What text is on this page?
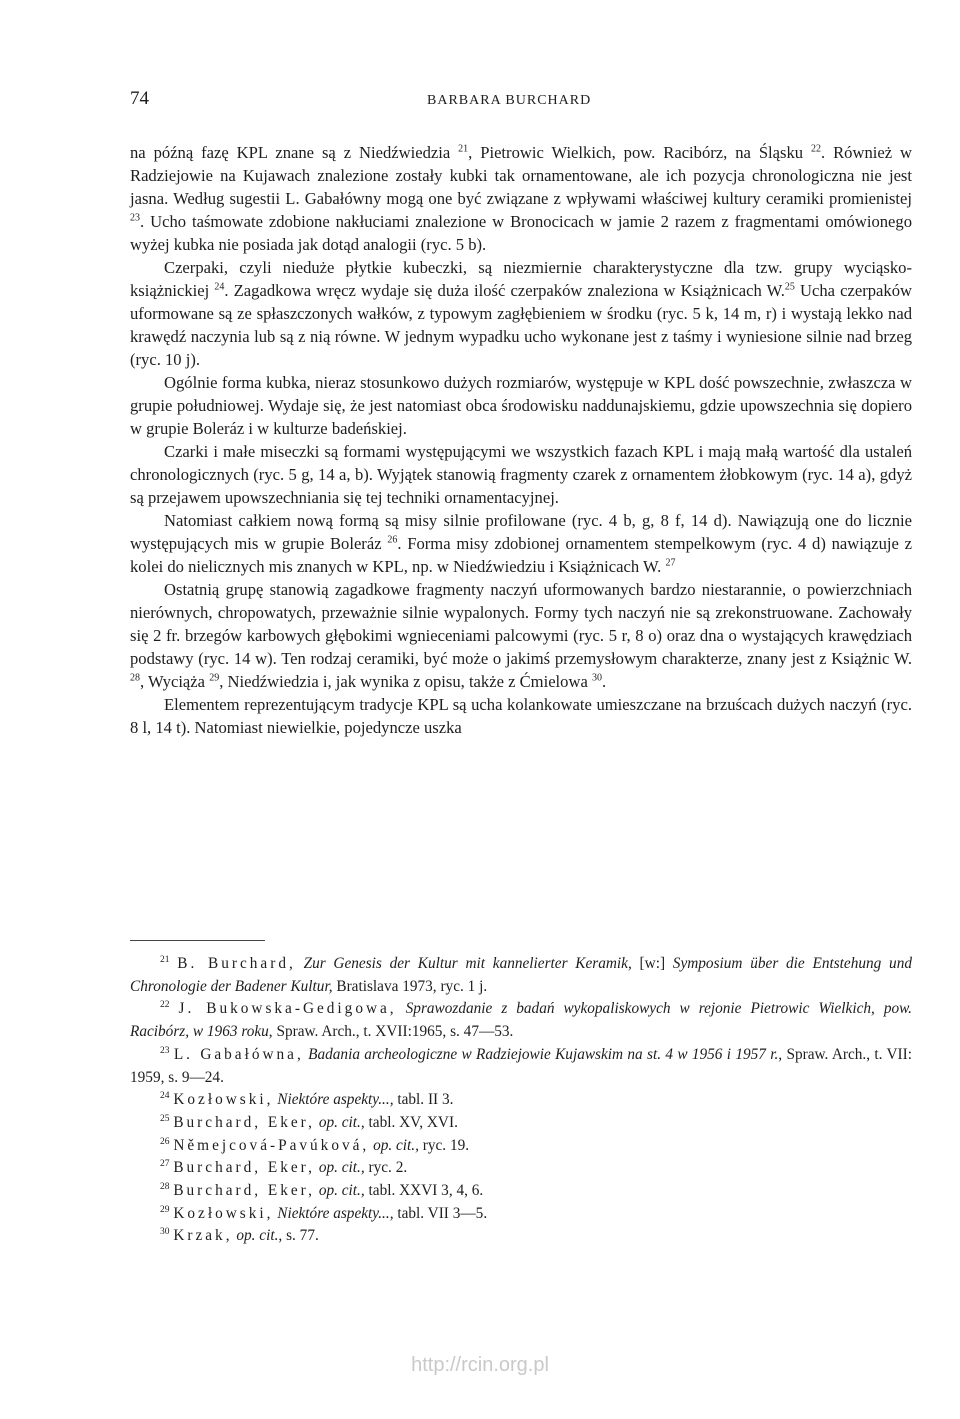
74	BARBARA BURCHARD

na późną fazę KPL znane są z Niedźwiedzia $^{21}$, Pietrowic Wielkich, pow. Racibórz, na Śląsku $^{22}$. Również w Radziejowie na Kujawach znalezione zostały kubki tak ornamentowane, ale ich pozycja chronologiczna nie jest jasna. Według sugestii L. Gabałówny mogą one być związane z wpływami właściwej kultury ceramiki promienistej $^{23}$. Ucho taśmowate zdobione nakłuciami znalezione w Bronocicach w jamie 2 razem z fragmentami omówionego wyżej kubka nie posiada jak dotąd analogii (ryc. 5 b).

Czerpaki, czyli nieduże płytkie kubeczki, są niezmiernie charakterystyczne dla tzw. grupy wyciąsko-książnickiej $^{24}$. Zagadkowa wręcz wydaje się duża ilość czerpaków znaleziona w Książnicach W.$^{25}$ Ucha czerpaków uformowane są ze spłaszczonych wałków, z typowym zagłębieniem w środku (ryc. 5 k, 14 m, r) i wystają lekko nad krawędź naczynia lub są z nią równe. W jednym wypadku ucho wykonane jest z taśmy i wyniesione silnie nad brzeg (ryc. 10 j).

Ogólnie forma kubka, nieraz stosunkowo dużych rozmiarów, występuje w KPL dość powszechnie, zwłaszcza w grupie południowej. Wydaje się, że jest natomiast obca środowisku naddunajskiemu, gdzie upowszechnia się dopiero w grupie Boleráz i w kulturze badeńskiej.

Czarki i małe miseczki są formami występującymi we wszystkich fazach KPL i mają małą wartość dla ustaleń chronologicznych (ryc. 5 g, 14 a, b). Wyjątek stanowią fragmenty czarek z ornamentem żłobkowym (ryc. 14 a), gdyż są przejawem upowszechniania się tej techniki ornamentacyjnej.

Natomiast całkiem nową formą są misy silnie profilowane (ryc. 4 b, g, 8 f, 14 d). Nawiązują one do licznie występujących mis w grupie Boleráz $^{26}$. Forma misy zdobionej ornamentem stempelkowym (ryc. 4 d) nawiązuje z kolei do nielicznych mis znanych w KPL, np. w Niedźwiedziu i Książnicach W. $^{27}$

Ostatnią grupę stanowią zagadkowe fragmenty naczyń uformowanych bardzo niestarannie, o powierzchniach nierównych, chropowatych, przeważnie silnie wypalonych. Formy tych naczyń nie są zrekonstruowane. Zachowały się 2 fr. brzegów karbowych głębokimi wgnieceniami palcowymi (ryc. 5 r, 8 o) oraz dna o wystających krawędziach podstawy (ryc. 14 w). Ten rodzaj ceramiki, być może o jakimś przemysłowym charakterze, znany jest z Książnic W. $^{28}$, Wyciąża $^{29}$, Niedźwiedzia i, jak wynika z opisu, także z Ćmielowa $^{30}$.

Elementem reprezentującym tradycje KPL są ucha kolankowate umieszczane na brzuścach dużych naczyń (ryc. 8 l, 14 t). Natomiast niewielkie, pojedyncze uszka

$^{21}$ B. Burchard, Zur Genesis der Kultur mit kannelierter Keramik, [w:] Symposium über die Entstehung und Chronologie der Badener Kultur, Bratislava 1973, ryc. 1 j.

$^{22}$ J. Bukowska-Gedigowa, Sprawozdanie z badań wykopaliskowych w rejonie Pietrowic Wielkich, pow. Racibórz, w 1963 roku, Spraw. Arch., t. XVII:1965, s. 47—53.

$^{23}$ L. Gabałówna, Badania archeologiczne w Radziejowie Kujawskim na st. 4 w 1956 i 1957 r., Spraw. Arch., t. VII: 1959, s. 9—24.

$^{24}$ Kozłowski, Niektóre aspekty..., tabl. II 3.

$^{25}$ Burchard, Eker, op. cit., tabl. XV, XVI.

$^{26}$ Němejcová-Pavúková, op. cit., ryc. 19.

$^{27}$ Burchard, Eker, op. cit., ryc. 2.

$^{28}$ Burchard, Eker, op. cit., tabl. XXVI 3, 4, 6.

$^{29}$ Kozłowski, Niektóre aspekty..., tabl. VII 3—5.

$^{30}$ Krzak, op. cit., s. 77.

http://rcin.org.pl
